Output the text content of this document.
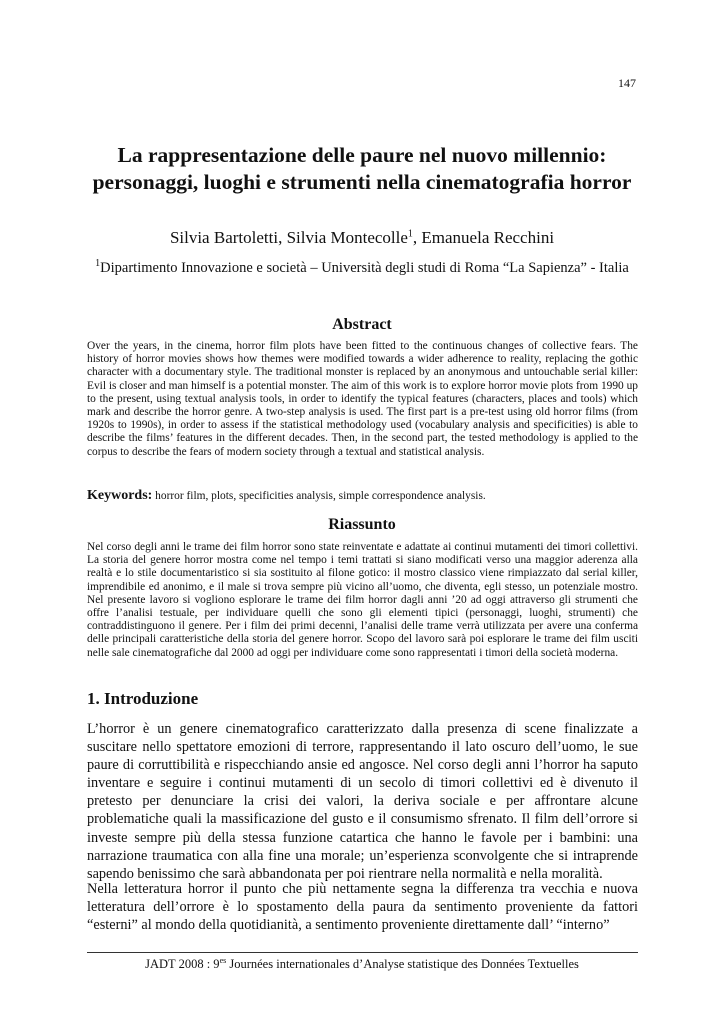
147
La rappresentazione delle paure nel nuovo millennio:
personaggi, luoghi e strumenti nella cinematografia horror
Silvia Bartoletti, Silvia Montecolle$^1$, Emanuela Recchini
$^1$Dipartimento Innovazione e società – Università degli studi di Roma “La Sapienza” - Italia
Abstract

Over the years, in the cinema, horror film plots have been fitted to the continuous changes of collective fears. The history of horror movies shows how themes were modified towards a wider adherence to reality, replacing the gothic character with a documentary style. The traditional monster is replaced by an anonymous and untouchable serial killer: Evil is closer and man himself is a potential monster. The aim of this work is to explore horror movie plots from 1990 up to the present, using textual analysis tools, in order to identify the typical features (characters, places and tools) which mark and describe the horror genre. A two-step analysis is used. The first part is a pre-test using old horror films (from 1920s to 1990s), in order to assess if the statistical methodology used (vocabulary analysis and specificities) is able to describe the films’ features in the different decades. Then, in the second part, the tested methodology is applied to the corpus to describe the fears of modern society through a textual and statistical analysis.

Keywords: horror film, plots, specificities analysis, simple correspondence analysis.

Riassunto

Nel corso degli anni le trame dei film horror sono state reinventate e adattate ai continui mutamenti dei timori collettivi. La storia del genere horror mostra come nel tempo i temi trattati si siano modificati verso una maggior aderenza alla realtà e lo stile documentaristico si sia sostituito al filone gotico: il mostro classico viene rimpiazzato dal serial killer, imprendibile ed anonimo, e il male si trova sempre più vicino all’uomo, che diventa, egli stesso, un potenziale mostro. Nel presente lavoro si vogliono esplorare le trame dei film horror dagli anni ’20 ad oggi attraverso gli strumenti che offre l’analisi testuale, per individuare quelli che sono gli elementi tipici (personaggi, luoghi, strumenti) che contraddistinguono il genere. Per i film dei primi decenni, l’analisi delle trame verrà utilizzata per avere una conferma delle principali caratteristiche della storia del genere horror. Scopo del lavoro sarà poi esplorare le trame dei film usciti nelle sale cinematografiche dal 2000 ad oggi per individuare come sono rappresentati i timori della società moderna.

1. Introduzione

L’horror è un genere cinematografico caratterizzato dalla presenza di scene finalizzate a suscitare nello spettatore emozioni di terrore, rappresentando il lato oscuro dell’uomo, le sue paure di corruttibilità e rispecchiando ansie ed angosce. Nel corso degli anni l’horror ha saputo inventare e seguire i continui mutamenti di un secolo di timori collettivi ed è divenuto il pretesto per denunciare la crisi dei valori, la deriva sociale e per affrontare alcune problematiche quali la massificazione del gusto e il consumismo sfrenato. Il film dell’orrore si investe sempre più della stessa funzione catartica che hanno le favole per i bambini: una narrazione traumatica con alla fine una morale; un’esperienza sconvolgente che si intraprende sapendo benissimo che sarà abbandonata per poi rientrare nella normalità e nella moralità.

Nella letteratura horror il punto che più nettamente segna la differenza tra vecchia e nuova letteratura dell’orrore è lo spostamento della paura da sentimento proveniente da fattori “esterni” al mondo della quotidianità, a sentimento proveniente direttamente dall’ “interno”

JADT 2008 : $9^{es}$ Journées internationales d’Analyse statistique des Données Textuelles
